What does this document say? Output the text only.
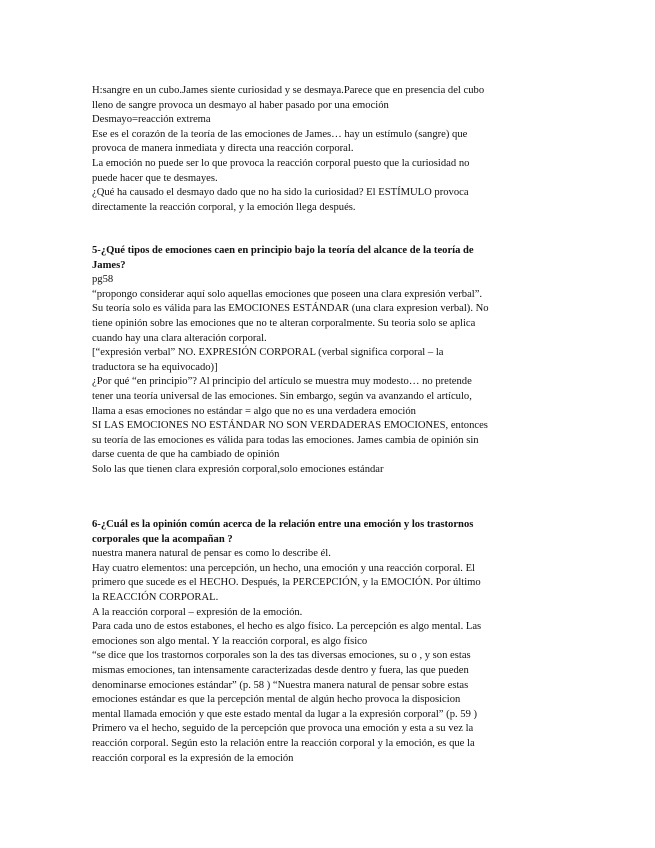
H:sangre en un cubo.James siente curiosidad y se desmaya.Parece que en presencia del cubo
lleno de sangre provoca un desmayo al haber pasado por una emoción
Desmayo=reacción extrema
Ese es el corazón de la teoría de las emociones de James… hay un estímulo (sangre) que
provoca de manera inmediata y directa una reacción corporal.
La emoción no puede ser lo que provoca la reacción corporal puesto que la curiosidad no
puede hacer que te desmayes.
¿Qué ha causado el desmayo dado que no ha sido la curiosidad? El ESTÍMULO provoca
directamente la reacción corporal, y la emoción llega después.
5-¿Qué tipos de emociones caen en principio bajo la teoría del alcance de la teoría de
James?
pg58
“propongo considerar aquí solo aquellas emociones que poseen una clara expresión verbal”.
Su teoría solo es válida para las EMOCIONES ESTÁNDAR (una clara expresion verbal). No
tiene opinión sobre las emociones que no te alteran corporalmente. Su teoria solo se aplica
cuando hay una clara alteración corporal.
[“expresión verbal” NO. EXPRESIÓN CORPORAL (verbal significa corporal – la
traductora se ha equivocado)]
¿Por qué “en principio”? Al principio del artículo se muestra muy modesto… no pretende
tener una teoría universal de las emociones. Sin embargo, según va avanzando el artículo,
llama a esas emociones no estándar = algo que no es una verdadera emoción
SI LAS EMOCIONES NO ESTÁNDAR NO SON VERDADERAS EMOCIONES, entonces
su teoría de las emociones es válida para todas las emociones. James cambia de opinión sin
darse cuenta de que ha cambiado de opinión
Solo las que tienen clara expresión corporal,solo emociones estándar
6-¿Cuál es la opinión común acerca de la relación entre una emoción y los trastornos
corporales que la acompañan ?
nuestra manera natural de pensar es como lo describe él.
Hay cuatro elementos: una percepción, un hecho, una emoción y una reacción corporal. El
primero que sucede es el HECHO. Después, la PERCEPCIÓN, y la EMOCIÓN. Por último
la REACCIÓN CORPORAL.
A la reacción corporal – expresión de la emoción.
Para cada uno de estos estabones, el hecho es algo físico. La percepción es algo mental. Las
emociones son algo mental. Y la reacción corporal, es algo físico
“se dice que los trastornos corporales son la des tas diversas emociones, su o , y son estas
mismas emociones, tan intensamente caracterizadas desde dentro y fuera, las que pueden
denominarse emociones estándar” (p. 58 ) “Nuestra manera natural de pensar sobre estas
emociones estándar es que la percepción mental de algún hecho provoca la disposicion
mental llamada emoción y que este estado mental da lugar a la expresión corporal” (p. 59 )
Primero va el hecho, seguido de la percepción que provoca una emoción y esta a su vez la
reacción corporal. Según esto la relación entre la reacción corporal y la emoción, es que la
reacción corporal es la expresión de la emoción
